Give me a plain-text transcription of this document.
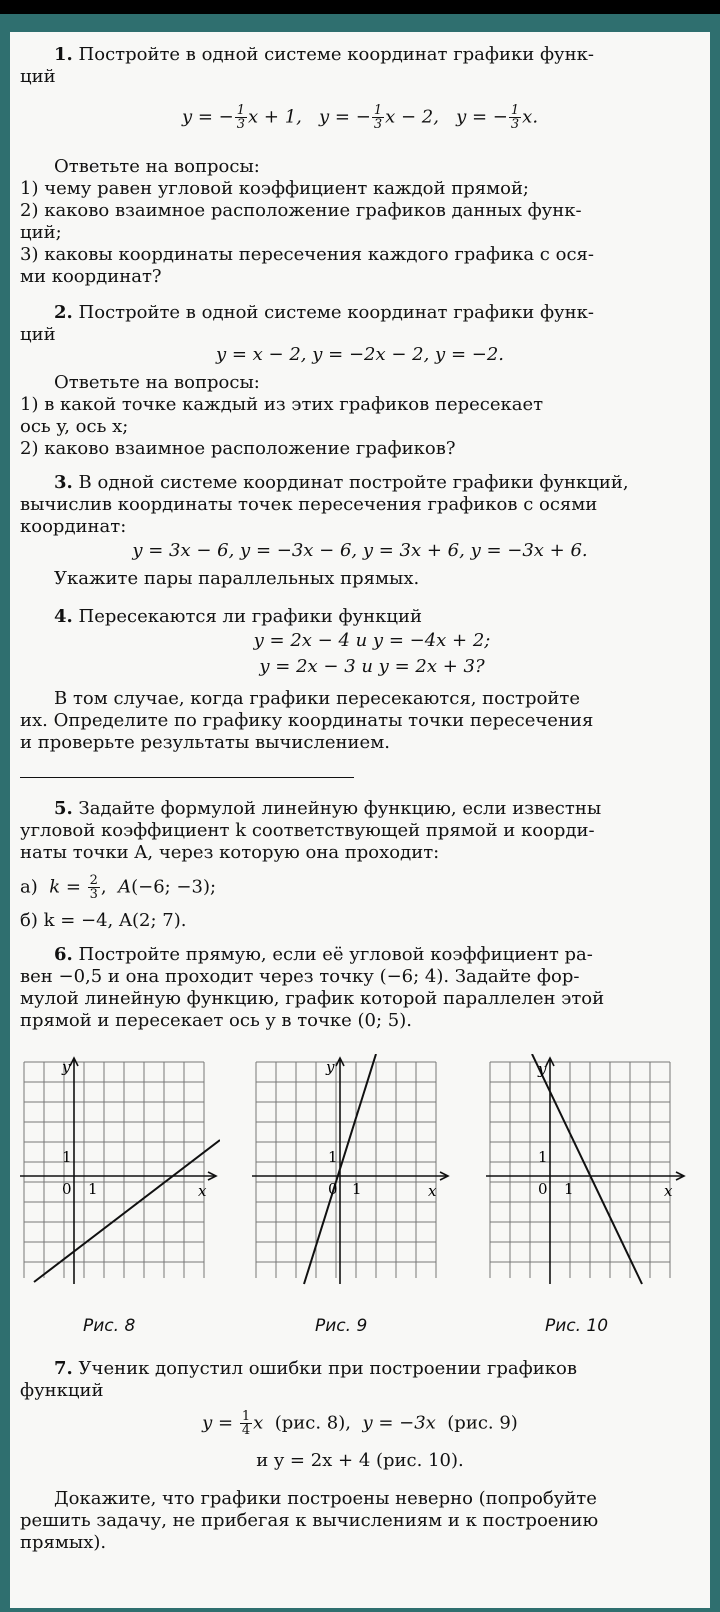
1. Постройте в одной системе координат графики функ-
ций
y = − $\frac{1}{3}$ x + 1,   y = − $\frac{1}{3}$ x − 2,   y = − $\frac{1}{3} x$.
Ответьте на вопросы:
1) чему равен угловой коэффициент каждой прямой;
2) каково взаимное расположение графиков данных функ-
ций;
3) каковы координаты пересечения каждого графика с ося-
ми координат?
2. Постройте в одной системе координат графики функ-
ций
y = x − 2, y = −2x − 2, y = −2.
Ответьте на вопросы:
1) в какой точке каждый из этих графиков пересекает
ось y, ось x;
2) каково взаимное расположение графиков?
3. В одной системе координат постройте графики функций,
вычислив координаты точек пересечения графиков с осями
координат:
y = 3x − 6, y = −3x − 6, y = 3x + 6, y = −3x + 6.
Укажите пары параллельных прямых.
4. Пересекаются ли графики функций
y = 2x − 4 и y = −4x + 2;
y = 2x − 3 и y = 2x + 3?
В том случае, когда графики пересекаются, постройте
их. Определите по графику координаты точки пересечения
и проверьте результаты вычислением.
5. Задайте формулой линейную функцию, если известны
угловой коэффициент k соответствующей прямой и коорди-
наты точки A, через которую она проходит:
а)  $k = \frac{2}{3}$ ,  A(−6; −3);
б) k = −4, A(2; 7).
6. Постройте прямую, если её угловой коэффициент ра-
вен −0,5 и она проходит через точку (−6; 4). Задайте фор-
мулой линейную функцию, график которой параллелен этой
прямой и пересекает ось y в точке (0; 5).
y
x
0 1
1
Рис. 8
y
x
0 1
1
Рис. 9
y
x
0 1
1
Рис. 10
7. Ученик допустил ошибки при построении графиков
функций
$y = \frac{1}{4}$ x  (рис. 8),  y = −3x  (рис. 9)
и y = 2x + 4 (рис. 10).
Докажите, что графики построены неверно (попробуйте
решить задачу, не прибегая к вычислениям и к построению
прямых).
